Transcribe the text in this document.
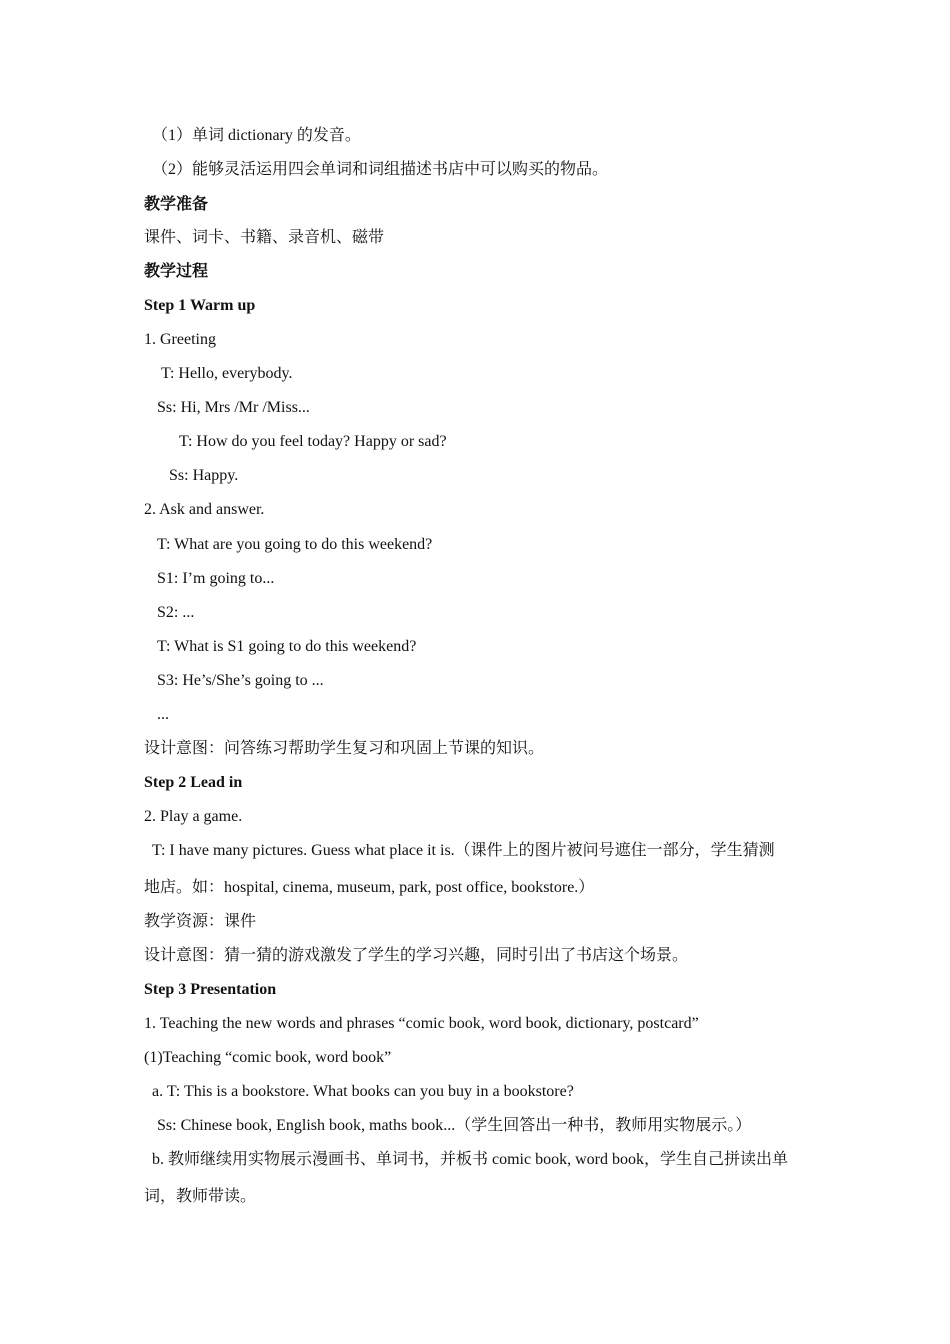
（1）单词 dictionary 的发音。
（2）能够灵活运用四会单词和词组描述书店中可以购买的物品。
教学准备
课件、词卡、书籍、录音机、磁带
教学过程
Step 1 Warm up
1. Greeting
T: Hello, everybody.
Ss: Hi, Mrs /Mr /Miss...
T: How do you feel today? Happy or sad?
Ss: Happy.
2. Ask and answer.
T: What are you going to do this weekend?
S1: I’m going to...
S2: ...
T: What is S1 going to do this weekend?
S3: He’s/She’s going to ...
...
设计意图：问答练习帮助学生复习和巩固上节课的知识。
Step 2 Lead in
2. Play a game.
T: I have many pictures. Guess what place it is.（课件上的图片被问号遮住一部分，学生猜测
地店。如：hospital, cinema, museum, park, post office, bookstore.）
教学资源：课件
设计意图：猜一猜的游戏激发了学生的学习兴趣，同时引出了书店这个场景。
Step 3 Presentation
1. Teaching the new words and phrases “comic book, word book, dictionary, postcard”
(1)Teaching “comic book, word book”
a. T: This is a bookstore. What books can you buy in a bookstore?
Ss: Chinese book, English book, maths book...（学生回答出一种书，教师用实物展示。）
b. 教师继续用实物展示漫画书、单词书，并板书 comic book, word book，学生自己拼读出单
词，教师带读。
